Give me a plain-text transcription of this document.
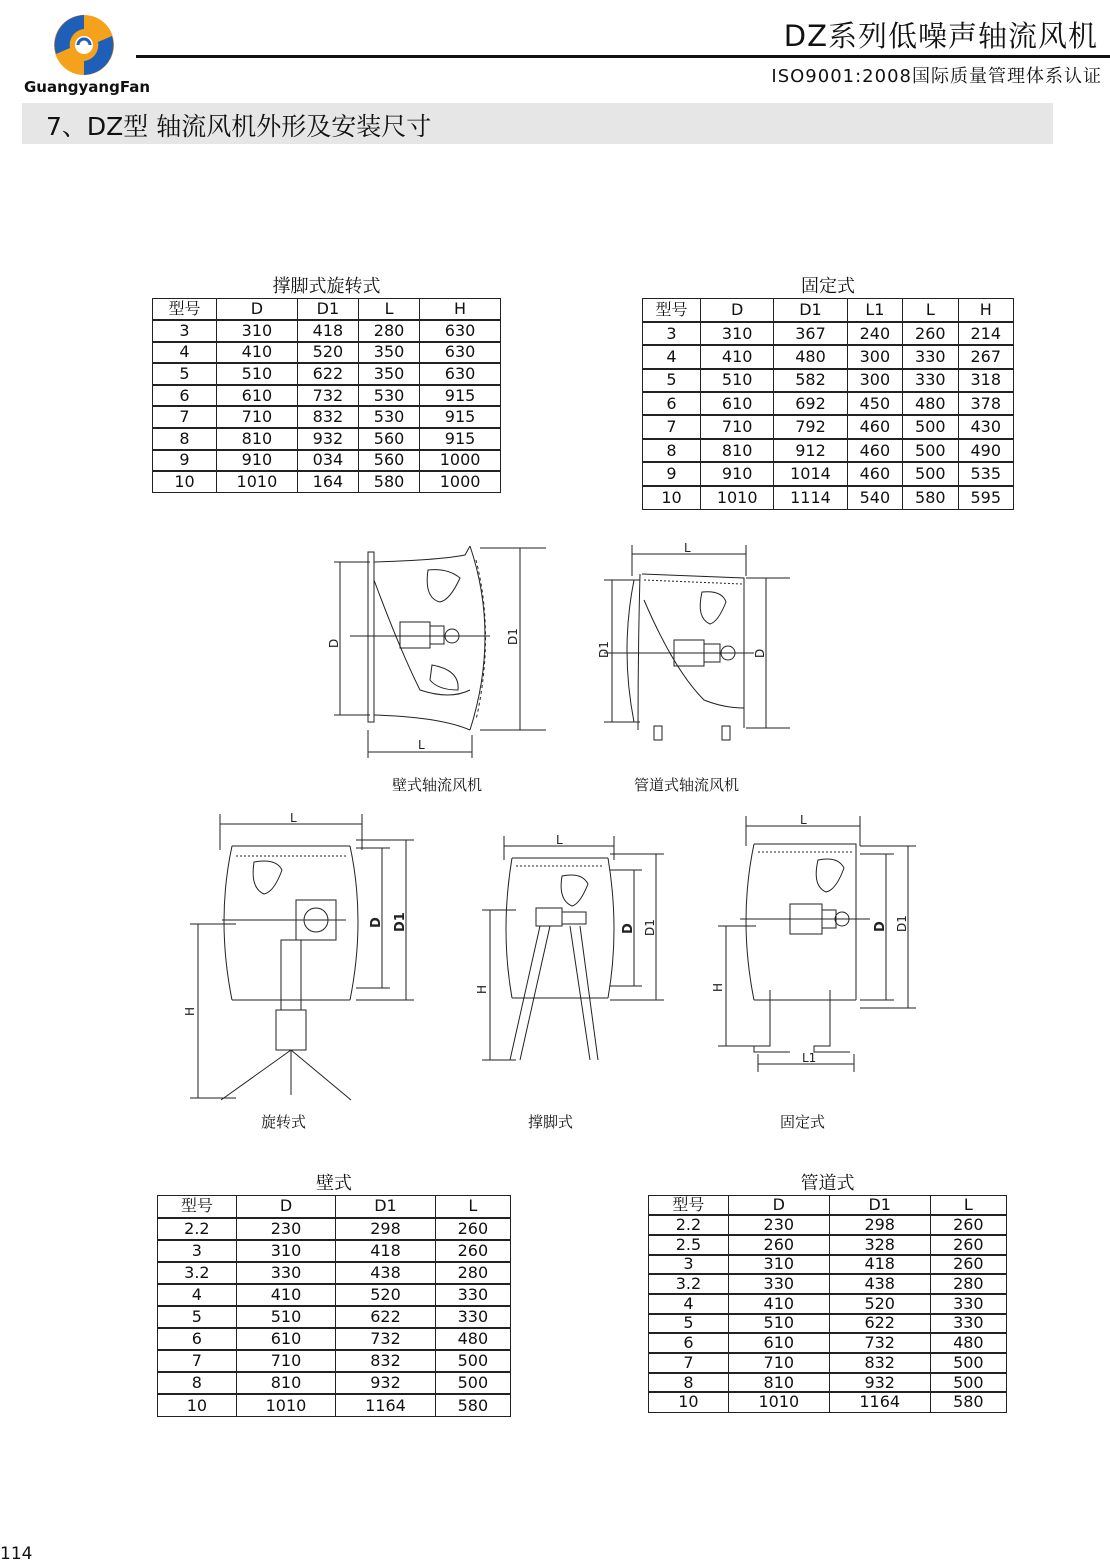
GuangyangFan
DZ系列低噪声轴流风机
ISO9001:2008国际质量管理体系认证
7、DZ型 轴流风机外形及安装尺寸
撑脚式旋转式
型号	D	D1	L	H
3	310	418	280	630
4	410	520	350	630
5	510	622	350	630
6	610	732	530	915
7	710	832	530	915
8	810	932	560	915
9	910	034	560	1000
10	1010	164	580	1000
固定式
型号	D	D1	L1	L	H
3	310	367	240	260	214
4	410	480	300	330	267
5	510	582	300	330	318
6	610	692	450	480	378
7	710	792	460	500	430
8	810	912	460	500	490
9	910	1014	460	500	535
10	1010	1114	540	580	595
D	D1
L
壁式轴流风机
L
D1	D
管道式轴流风机
L
H
D D1
旋转式
L
H
D D1
撑脚式
L
L1
H
D D1
固定式
壁式
型号	D	D1	L
2.2	230	298	260
3	310	418	260
3.2	330	438	280
4	410	520	330
5	510	622	330
6	610	732	480
7	710	832	500
8	810	932	500
10	1010	1164	580
管道式
型号	D	D1	L
2.2	230	298	260
2.5	260	328	260
3	310	418	260
3.2	330	438	280
4	410	520	330
5	510	622	330
6	610	732	480
7	710	832	500
8	810	932	500
10	1010	1164	580
114
